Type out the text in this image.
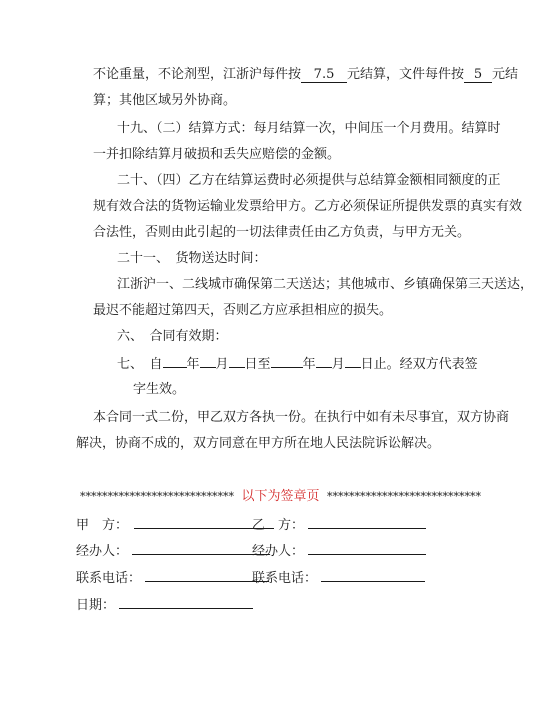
不论重量，不论剂型，江浙沪每件按 7.5 元结算，文件每件按 5 元结
算；其他区域另外协商。
十九、（二）结算方式：每月结算一次，中间压一个月费用。结算时
一并扣除结算月破损和丢失应赔偿的金额。
二十、（四）乙方在结算运费时必须提供与总结算金额相同额度的正
规有效合法的货物运输业发票给甲方。乙方必须保证所提供发票的真实有效
合法性，否则由此引起的一切法律责任由乙方负责，与甲方无关。
二十一、　货物送达时间：
江浙沪一、二线城市确保第二天送达；其他城市、乡镇确保第三天送达，
最迟不能超过第四天，否则乙方应承担相应的损失。
六、　合同有效期：
七、　自 年 月 日至 年 月 日止。经双方代表签
字生效。
本合同一式二份，甲乙双方各执一份。在执行中如有未尽事宜，双方协商
解决，协商不成的，双方同意在甲方所在地人民法院诉讼解决。
**************************** 以下为签章页 ****************************
甲　方：	乙　方：
经办人：	经办人：
联系电话：	联系电话：
日期：
